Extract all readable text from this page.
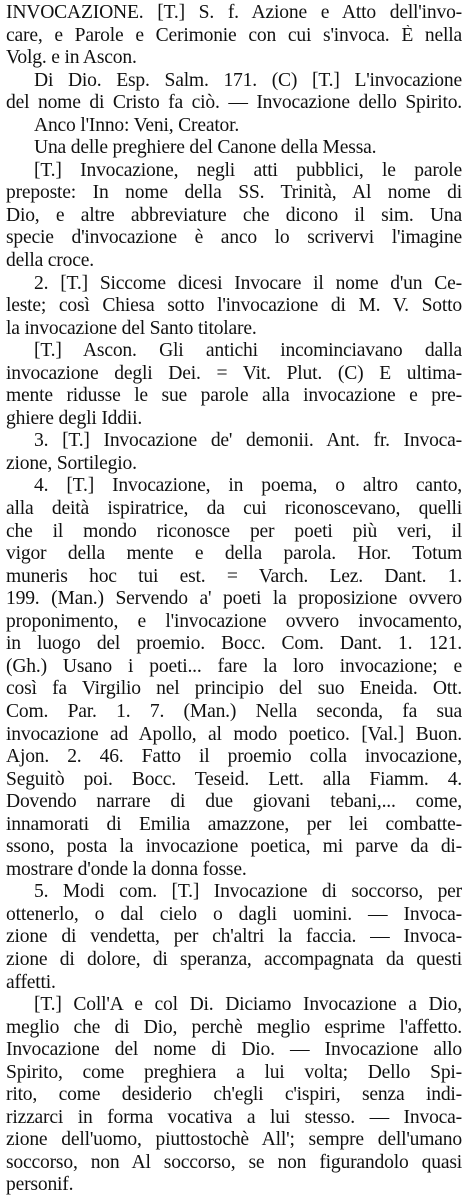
INVOCAZIONE. [T.] S. f. Azione e Atto dell'invo-
care, e Parole e Cerimonie con cui s'invoca. È nella
Volg. e in Ascon.
Di Dio. Esp. Salm. 171. (C) [T.] L'invocazione
del nome di Cristo fa ciò. — Invocazione dello Spirito.
Anco l'Inno: Veni, Creator.
Una delle preghiere del Canone della Messa.
[T.] Invocazione, negli atti pubblici, le parole
preposte: In nome della SS. Trinità, Al nome di
Dio, e altre abbreviature che dicono il sim. Una
specie d'invocazione è anco lo scrivervi l'imagine
della croce.
2. [T.] Siccome dicesi Invocare il nome d'un Ce-
leste; così Chiesa sotto l'invocazione di M. V. Sotto
la invocazione del Santo titolare.
[T.] Ascon. Gli antichi incominciavano dalla
invocazione degli Dei. = Vit. Plut. (C) E ultima-
mente ridusse le sue parole alla invocazione e pre-
ghiere degli Iddii.
3. [T.] Invocazione de' demonii. Ant. fr. Invoca-
zione, Sortilegio.
4. [T.] Invocazione, in poema, o altro canto,
alla deità ispiratrice, da cui riconoscevano, quelli
che il mondo riconosce per poeti più veri, il
vigor della mente e della parola. Hor. Totum
muneris hoc tui est. = Varch. Lez. Dant. 1.
199. (Man.) Servendo a' poeti la proposizione ovvero
proponimento, e l'invocazione ovvero invocamento,
in luogo del proemio. Bocc. Com. Dant. 1. 121.
(Gh.) Usano i poeti... fare la loro invocazione; e
così fa Virgilio nel principio del suo Eneida. Ott.
Com. Par. 1. 7. (Man.) Nella seconda, fa sua
invocazione ad Apollo, al modo poetico. [Val.] Buon.
Ajon. 2. 46. Fatto il proemio colla invocazione,
Seguitò poi. Bocc. Teseid. Lett. alla Fiamm. 4.
Dovendo narrare di due giovani tebani,... come,
innamorati di Emilia amazzone, per lei combatte-
ssono, posta la invocazione poetica, mi parve da di-
mostrare d'onde la donna fosse.
5. Modi com. [T.] Invocazione di soccorso, per
ottenerlo, o dal cielo o dagli uomini. — Invoca-
zione di vendetta, per ch'altri la faccia. — Invoca-
zione di dolore, di speranza, accompagnata da questi
affetti.
[T.] Coll'A e col Di. Diciamo Invocazione a Dio,
meglio che di Dio, perchè meglio esprime l'affetto.
Invocazione del nome di Dio. — Invocazione allo
Spirito, come preghiera a lui volta; Dello Spi-
rito, come desiderio ch'egli c'ispiri, senza indi-
rizzarci in forma vocativa a lui stesso. — Invoca-
zione dell'uomo, piuttostochè All'; sempre dell'umano
soccorso, non Al soccorso, se non figurandolo quasi
personif.
